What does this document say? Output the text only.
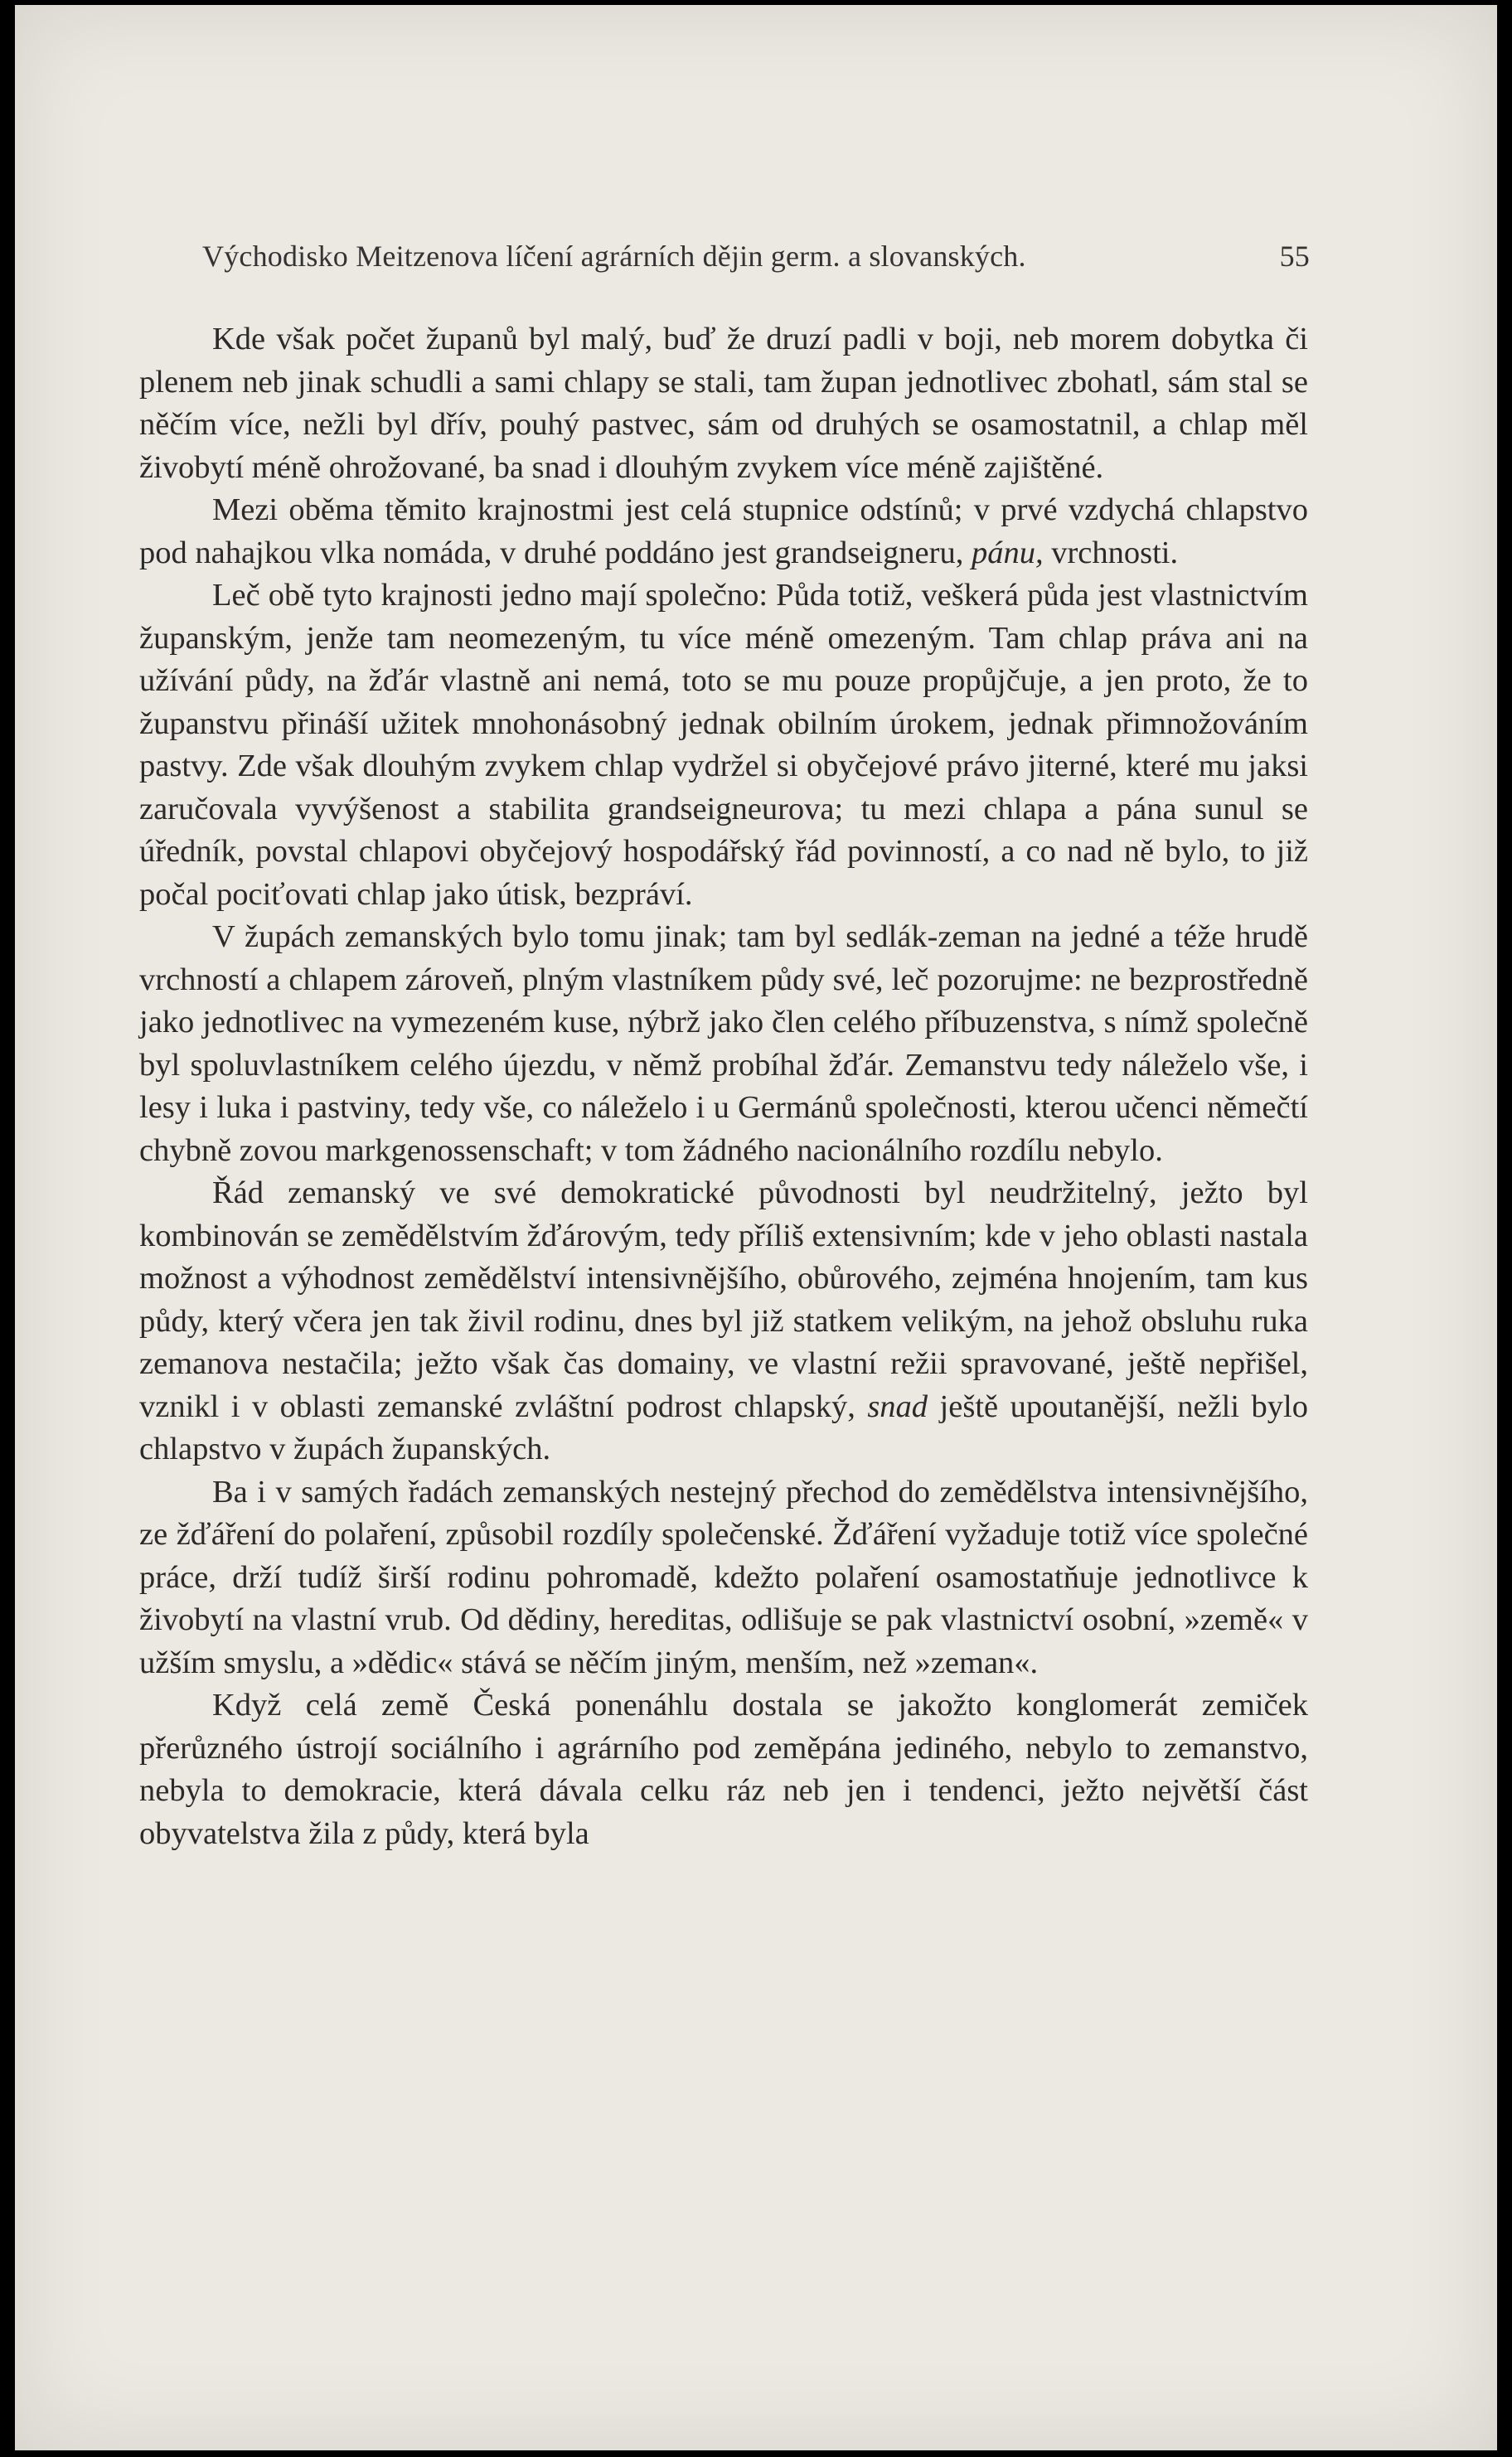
Východisko Meitzenova líčení agrárních dějin germ. a slovanských.	55

Kde však počet županů byl malý, buď že druzí padli v boji, neb morem dobytka či plenem neb jinak schudli a sami chlapy se stali, tam župan jednotlivec zbohatl, sám stal se něčím více, nežli byl dřív, pouhý pastvec, sám od druhých se osamostatnil, a chlap měl živobytí méně ohrožované, ba snad i dlouhým zvykem více méně zajištěné.

Mezi oběma těmito krajnostmi jest celá stupnice odstínů; v prvé vzdychá chlapstvo pod nahajkou vlka nomáda, v druhé poddáno jest grandseigneru, pánu, vrchnosti.

Leč obě tyto krajnosti jedno mají společno: Půda totiž, veškerá půda jest vlastnictvím županským, jenže tam neomezeným, tu více méně omezeným. Tam chlap práva ani na užívání půdy, na žďár vlastně ani nemá, toto se mu pouze propůjčuje, a jen proto, že to županstvu přináší užitek mnohonásobný jednak obilním úrokem, jednak přimnožováním pastvy. Zde však dlouhým zvykem chlap vydržel si obyčejové právo jiterné, které mu jaksi zaručovala vyvýšenost a stabilita grandseigneurova; tu mezi chlapa a pána sunul se úředník, povstal chlapovi obyčejový hospodářský řád povinností, a co nad ně bylo, to již počal pociťovati chlap jako útisk, bezpráví.

V župách zemanských bylo tomu jinak; tam byl sedlák-zeman na jedné a téže hrudě vrchností a chlapem zároveň, plným vlastníkem půdy své, leč pozorujme: ne bezprostředně jako jednotlivec na vymezeném kuse, nýbrž jako člen celého příbuzenstva, s nímž společně byl spoluvlastníkem celého újezdu, v němž probíhal žďár. Zemanstvu tedy náleželo vše, i lesy i luka i pastviny, tedy vše, co náleželo i u Germánů společnosti, kterou učenci němečtí chybně zovou markgenossenschaft; v tom žádného nacionálního rozdílu nebylo.

Řád zemanský ve své demokratické původnosti byl neudržitelný, ježto byl kombinován se zemědělstvím žďárovým, tedy příliš extensivním; kde v jeho oblasti nastala možnost a výhodnost zemědělství intensivnějšího, obůrového, zejména hnojením, tam kus půdy, který včera jen tak živil rodinu, dnes byl již statkem velikým, na jehož obsluhu ruka zemanova nestačila; ježto však čas domainy, ve vlastní režii spravované, ještě nepřišel, vznikl i v oblasti zemanské zvláštní podrost chlapský, snad ještě upoutanější, nežli bylo chlapstvo v župách županských.

Ba i v samých řadách zemanských nestejný přechod do zemědělstva intensivnějšího, ze žďáření do polaření, způsobil rozdíly společenské. Žďáření vyžaduje totiž více společné práce, drží tudíž širší rodinu pohromadě, kdežto polaření osamostatňuje jednotlivce k živobytí na vlastní vrub. Od dědiny, hereditas, odlišuje se pak vlastnictví osobní, »země« v užším smyslu, a »dědic« stává se něčím jiným, menším, než »zeman«.

Když celá země Česká ponenáhlu dostala se jakožto konglomerát zemiček přerůzného ústrojí sociálního i agrárního pod zeměpána jediného, nebylo to zemanstvo, nebyla to demokracie, která dávala celku ráz neb jen i tendenci, ježto největší část obyvatelstva žila z půdy, která byla
